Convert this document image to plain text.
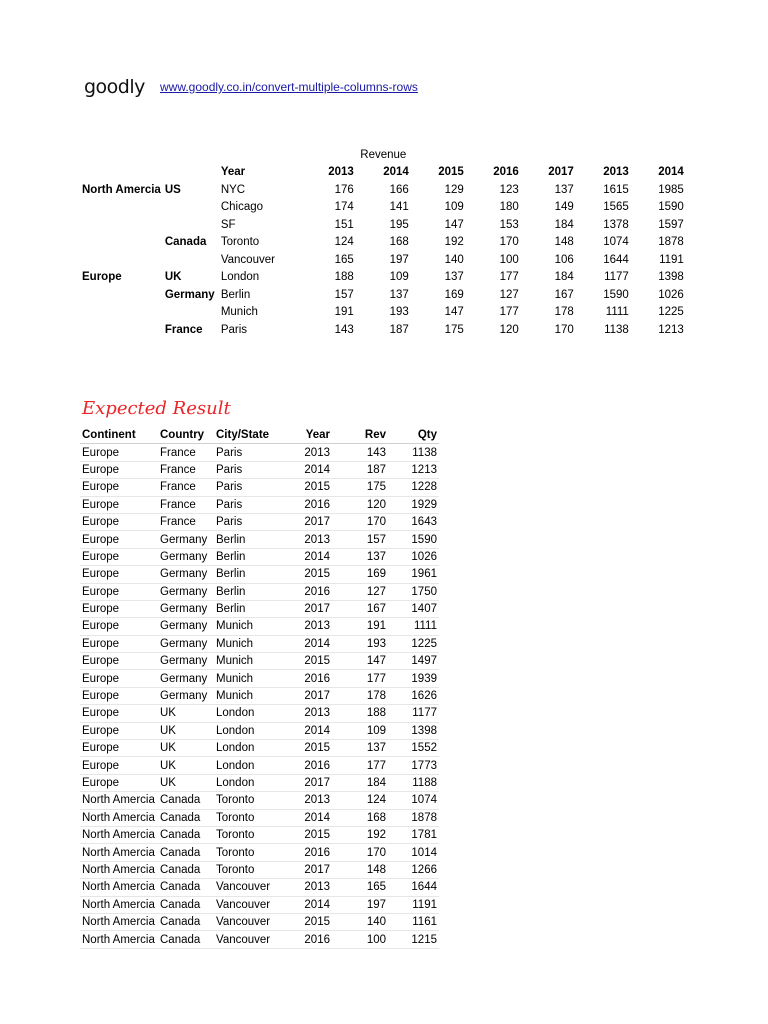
goodly www.goodly.co.in/convert-multiple-columns-rows
				Revenue					
		Year	2013	2014	2015	2016	2017	2013	2014
North Amercia	US	NYC	176	166	129	123	137	1615	1985
		Chicago	174	141	109	180	149	1565	1590
		SF	151	195	147	153	184	1378	1597
	Canada	Toronto	124	168	192	170	148	1074	1878
		Vancouver	165	197	140	100	106	1644	1191
Europe	UK	London	188	109	137	177	184	1177	1398
	Germany	Berlin	157	137	169	127	167	1590	1026
		Munich	191	193	147	177	178	1111	1225
	France	Paris	143	187	175	120	170	1138	1213
Expected Result
Continent	Country	City/State	Year	Rev	Qty
Europe	France	Paris	2013	143	1138
Europe	France	Paris	2014	187	1213
Europe	France	Paris	2015	175	1228
Europe	France	Paris	2016	120	1929
Europe	France	Paris	2017	170	1643
Europe	Germany	Berlin	2013	157	1590
Europe	Germany	Berlin	2014	137	1026
Europe	Germany	Berlin	2015	169	1961
Europe	Germany	Berlin	2016	127	1750
Europe	Germany	Berlin	2017	167	1407
Europe	Germany	Munich	2013	191	1111
Europe	Germany	Munich	2014	193	1225
Europe	Germany	Munich	2015	147	1497
Europe	Germany	Munich	2016	177	1939
Europe	Germany	Munich	2017	178	1626
Europe	UK	London	2013	188	1177
Europe	UK	London	2014	109	1398
Europe	UK	London	2015	137	1552
Europe	UK	London	2016	177	1773
Europe	UK	London	2017	184	1188
North Amercia	Canada	Toronto	2013	124	1074
North Amercia	Canada	Toronto	2014	168	1878
North Amercia	Canada	Toronto	2015	192	1781
North Amercia	Canada	Toronto	2016	170	1014
North Amercia	Canada	Toronto	2017	148	1266
North Amercia	Canada	Vancouver	2013	165	1644
North Amercia	Canada	Vancouver	2014	197	1191
North Amercia	Canada	Vancouver	2015	140	1161
North Amercia	Canada	Vancouver	2016	100	1215
